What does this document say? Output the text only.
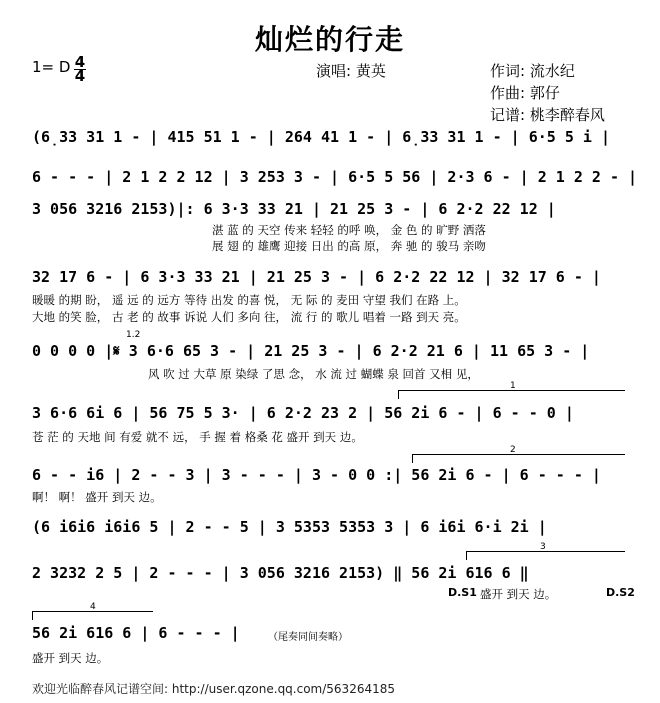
灿烂的行走
1= D 4
4	演唱: 黄英	作词: 流水纪
作曲: 郭仔
记谱: 桃李醉春风
(6̣33 31 1 - | 415 51 1 - | 264 41 1 - | 6̣33 31 1 - | 6·5 5 i |
6 - - - | 2 1 2 2 12 | 3 253 3 - | 6·5 5 56 | 2·3 6 - | 2 1 2 2 - |
3 056 3216 2153)|: 6 3·3 33 21 | 21 25 3 - | 6 2·2 22 12 |
湛 蓝 的 天空 传来 轻轻 的呼 唤， 金 色 的 旷野 洒落
展 翅 的 雄鹰 迎接 日出 的高 原， 奔 驰 的 骏马 亲吻
32 17 6 - | 6 3·3 33 21 | 21 25 3 - | 6 2·2 22 12 | 32 17 6 - |
暖暖 的期 盼， 遥 远 的 远方 等待 出发 的喜 悦， 无 际 的 麦田 守望 我们 在路 上。
大地 的笑 脸， 古 老 的 故事 诉说 人们 多向 往， 流 行 的 歌儿 唱着 一路 到天 亮。
1.2
0 0 0 0 |𝄋 3 6·6 65 3 - | 21 25 3 - | 6 2·2 21 6 | 11 65 3 - |
风 吹 过 大草 原 染绿 了思 念， 水 流 过 蝴蝶 泉 回首 又相 见，
1
3 6·6 6i 6 | 56 75 5 3· | 6 2·2 23 2 | 56 2i 6 - | 6 - - 0 |
苍 茫 的 天地 间 有爱 就不 远， 手 握 着 格桑 花 盛开 到天 边。
2
6 - - i6 | 2 - - 3 | 3 - - - | 3 - 0 0 :| 56 2i 6 - | 6 - - - |
啊！ 啊！ 盛开 到天 边。
(6 i6i6 i6i6 5 | 2 - - 5 | 3 5353 5353 3 | 6 i6i 6·i 2i |
3
2 3232 2 5 | 2 - - - | 3 056 3216 2153) ‖ 56 2i 616 6 ‖
D.S1	D.S2
盛开 到天 边。
4
56 2i 616 6 | 6 - - - |	（尾奏同间奏略）
盛开 到天 边。
欢迎光临醉春风记谱空间: http://user.qzone.qq.com/563264185
